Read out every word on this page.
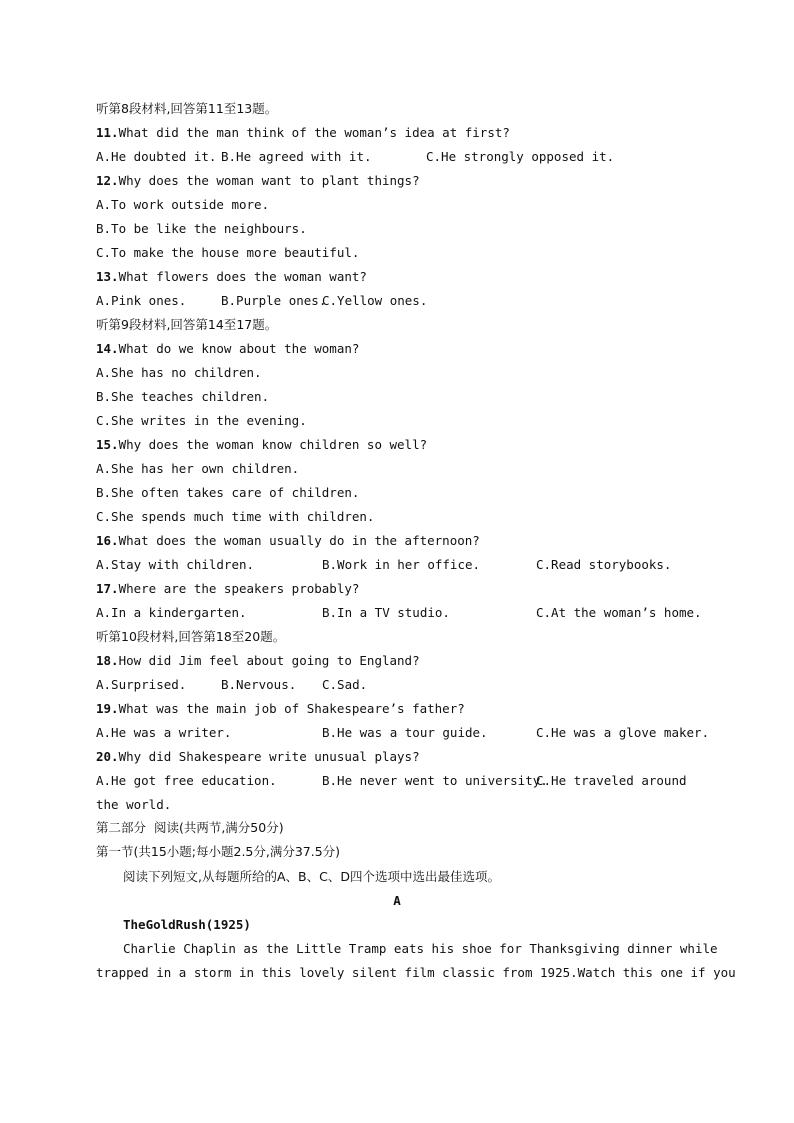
听第8段材料,回答第11至13题。
11.What did the man think of the woman’s idea at first?
A.He doubted it. B.He agreed with it.	C.He strongly opposed it.
12.Why does the woman want to plant things?
A.To work outside more.
B.To be like the neighbours.
C.To make the house more beautiful.
13.What flowers does the woman want?
A.Pink ones.	B.Purple ones.
C.Yellow ones.
听第9段材料,回答第14至17题。
14.What do we know about the woman?
A.She has no children.
B.She teaches children.
C.She writes in the evening.
15.Why does the woman know children so well?
A.She has her own children.
B.She often takes care of children.
C.She spends much time with children.
16.What does the woman usually do in the afternoon?
A.Stay with children.	B.Work in her office.	C.Read storybooks.
17.Where are the speakers probably?
A.In a kindergarten.	B.In a TV studio.	C.At the woman’s home.
听第10段材料,回答第18至20题。
18.How did Jim feel about going to England?
A.Surprised.	B.Nervous. C.Sad.
19.What was the main job of Shakespeare’s father?
A.He was a writer.	B.He was a tour guide.	C.He was a glove maker.
20.Why did Shakespeare write unusual plays?
A.He got free education.	B.He never went to university.
C.He traveled around
the world.
第二部分  阅读(共两节,满分50分)
第一节(共15小题;每小题2.5分,满分37.5分)
阅读下列短文,从每题所给的A、B、C、D四个选项中选出最佳选项。
A
TheGoldRush(1925)
Charlie Chaplin as the Little Tramp eats his shoe for Thanksgiving dinner while
trapped in a storm in this lovely silent film classic from 1925.Watch this one if you
